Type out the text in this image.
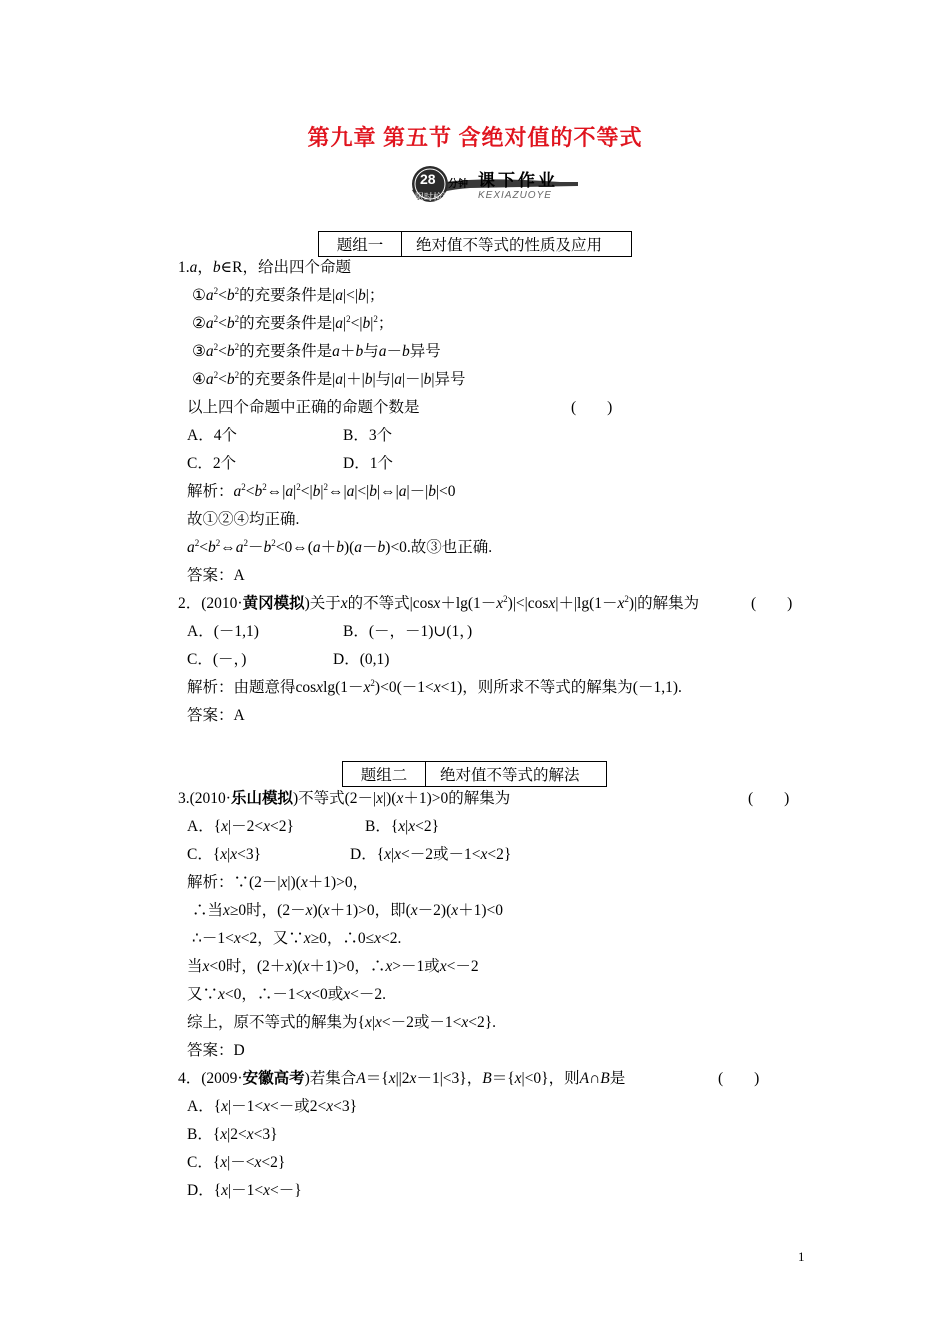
第九章 第五节 含绝对值的不等式
28 分钟
限时检测
课下作业
KEXIAZUOYE
题组一	绝对值不等式的性质及应用
1.a，b∈R，给出四个命题
$①a^2<b^2$的充要条件是|a|<|b|；
$②a^2<b^2$的充要条件是$|a|^2<|b|^2$；
$③a^2<b^2$的充要条件是a＋b与a－b异号
$④a^2<b^2$的充要条件是|a|＋|b|与|a|－|b|异号
以上四个命题中正确的命题个数是	(　　)
A．4个	B．3个
C．2个	D．1个
解析：$a^2<b^2\Leftrightarrow|a|^2<|b|^2\Leftrightarrow|a|<|b|\Leftrightarrow|a|-|b|<0$
故①②④均正确.
$a^2<b^2\Leftrightarrow a^2-b^2<0\Leftrightarrow(a+b)(a-b)<0$.故③也正确.
答案：A
2．(2010·黄冈模拟)关于x的不等式$|\cos x+\lg(1-x^2)|<|\cos x|+|\lg(1-x^2)|$的解集为	(　　)
A．(－1,1)	B．(－，－1)∪(1，)
C．(－，)	D．(0,1)
解析：由题意得$cosxlg(1-x^2)<0(-1<x<1)$，则所求不等式的解集为(－1,1).
答案：A
题组二	绝对值不等式的解法
3.(2010·乐山模拟)不等式(2－|x|)(x＋1)>0的解集为	(　　)
A．{x|－2<x<2}	B．{x|x<2}
C．{x|x<3}	D．{x|x<－2或－1<x<2}
解析：∵(2－|x|)(x＋1)>0，
∴当x≥0时，(2－x)(x＋1)>0，即(x－2)(x＋1)<0
∴－1<x<2，又∵x≥0，∴0≤x<2.
当x<0时，(2＋x)(x＋1)>0，∴x>－1或x<－2
又∵x<0，∴－1<x<0或x<－2.
综上，原不等式的解集为{x|x<－2或－1<x<2}.
答案：D
4．(2009·安徽高考)若集合A＝{x||2x－1|<3}，B＝{x|<0}，则A∩B是	(　　)
A．{x|－1<x<－或2<x<3}
B．{x|2<x<3}
C．{x|－<x<2}
D．{x|－1<x<－}
1
